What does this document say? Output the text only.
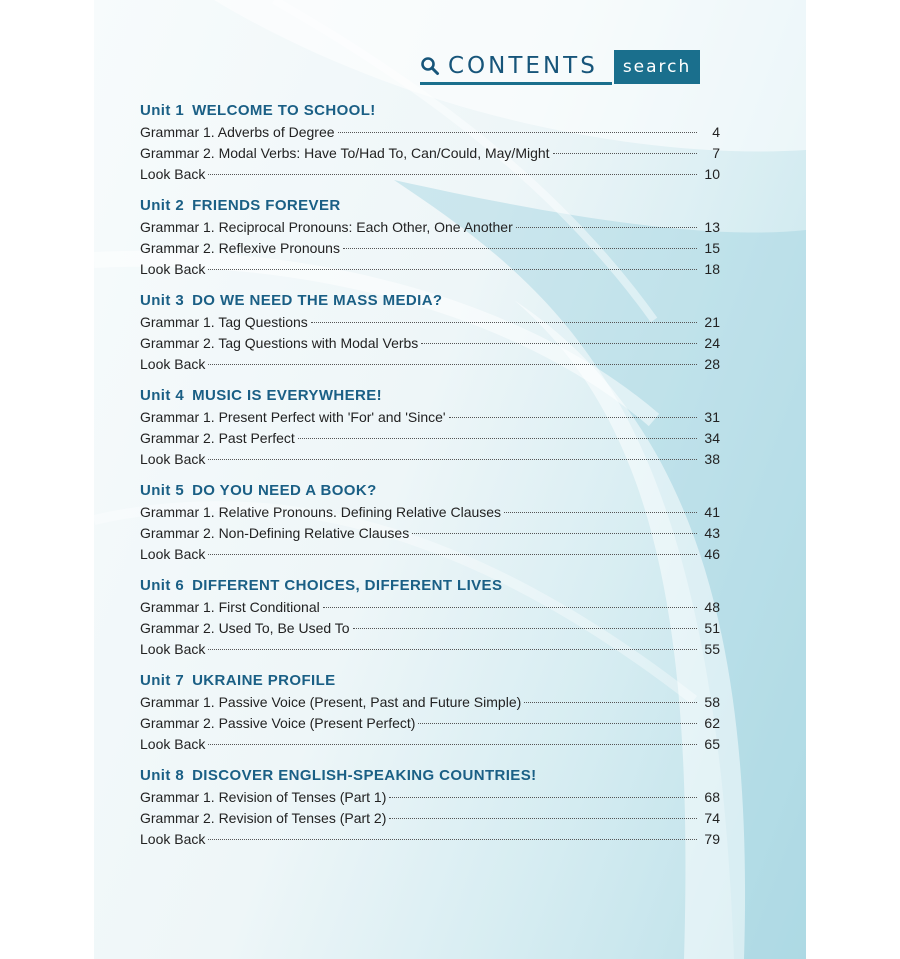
CONTENTS	search
Unit 1 WELCOME TO SCHOOL!
Grammar 1. Adverbs of Degree	4
Grammar 2. Modal Verbs: Have To/Had To, Can/Could, May/Might	7
Look Back	10
Unit 2 FRIENDS FOREVER
Grammar 1. Reciprocal Pronouns: Each Other, One Another	13
Grammar 2. Reflexive Pronouns	15
Look Back	18
Unit 3 DO WE NEED THE MASS MEDIA?
Grammar 1. Tag Questions	21
Grammar 2. Tag Questions with Modal Verbs	24
Look Back	28
Unit 4 MUSIC IS EVERYWHERE!
Grammar 1. Present Perfect with 'For' and 'Since'	31
Grammar 2. Past Perfect	34
Look Back	38
Unit 5 DO YOU NEED A BOOK?
Grammar 1. Relative Pronouns. Defining Relative Clauses	41
Grammar 2. Non-Defining Relative Clauses	43
Look Back	46
Unit 6 DIFFERENT CHOICES, DIFFERENT LIVES
Grammar 1. First Conditional	48
Grammar 2. Used To, Be Used To	51
Look Back	55
Unit 7 UKRAINE PROFILE
Grammar 1. Passive Voice (Present, Past and Future Simple)	58
Grammar 2. Passive Voice (Present Perfect)	62
Look Back	65
Unit 8 DISCOVER ENGLISH-SPEAKING COUNTRIES!
Grammar 1. Revision of Tenses (Part 1)	68
Grammar 2. Revision of Tenses (Part 2)	74
Look Back	79
